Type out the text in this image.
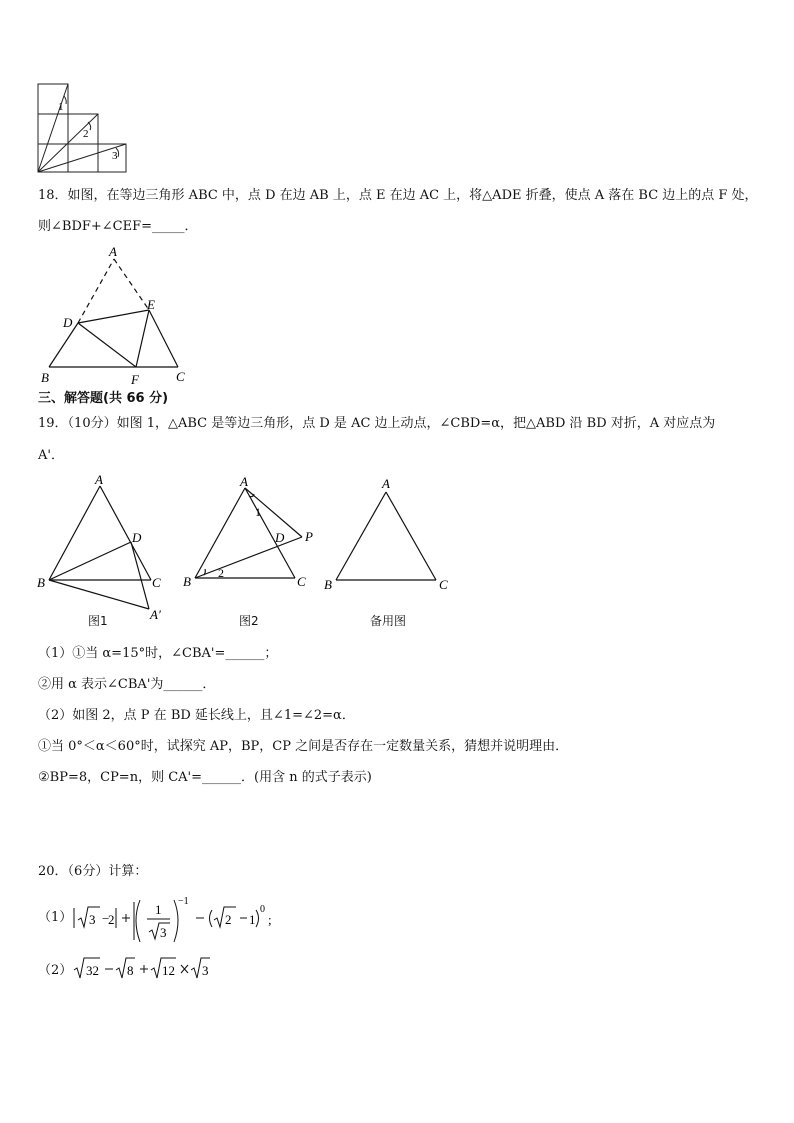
1
2
3
18．如图，在等边三角形 ABC 中，点 D 在边 AB 上，点 E 在边 AC 上，将△ADE 折叠，使点 A 落在 BC 边上的点 F 处，
则∠BDF+∠CEF=_____．
A
E
D
B	F	C
三、解答题(共 66 分)
19．（10分）如图 1，△ABC 是等边三角形，点 D 是 AC 边上动点，∠CBD=α，把△ABD 沿 BD 对折，A 对应点为
A'．
A
D
B	C
A′
图1
A
1
D P
2
B	C
图2
A
B	C
备用图
（1）①当 α=15°时，∠CBA'=______；
②用 α 表示∠CBA'为______．
（2）如图 2，点 P 在 BD 延长线上，且∠1=∠2=α．
①当 0°＜α＜60°时，试探究 AP，BP，CP 之间是否存在一定数量关系，猜想并说明理由．
②BP=8，CP=n，则 CA'=______．(用含 n 的式子表示)
20．（6分）计算：
（1） 3 −
2
1
3
−1
2 1
0
;
（2） 32 8 12 3
